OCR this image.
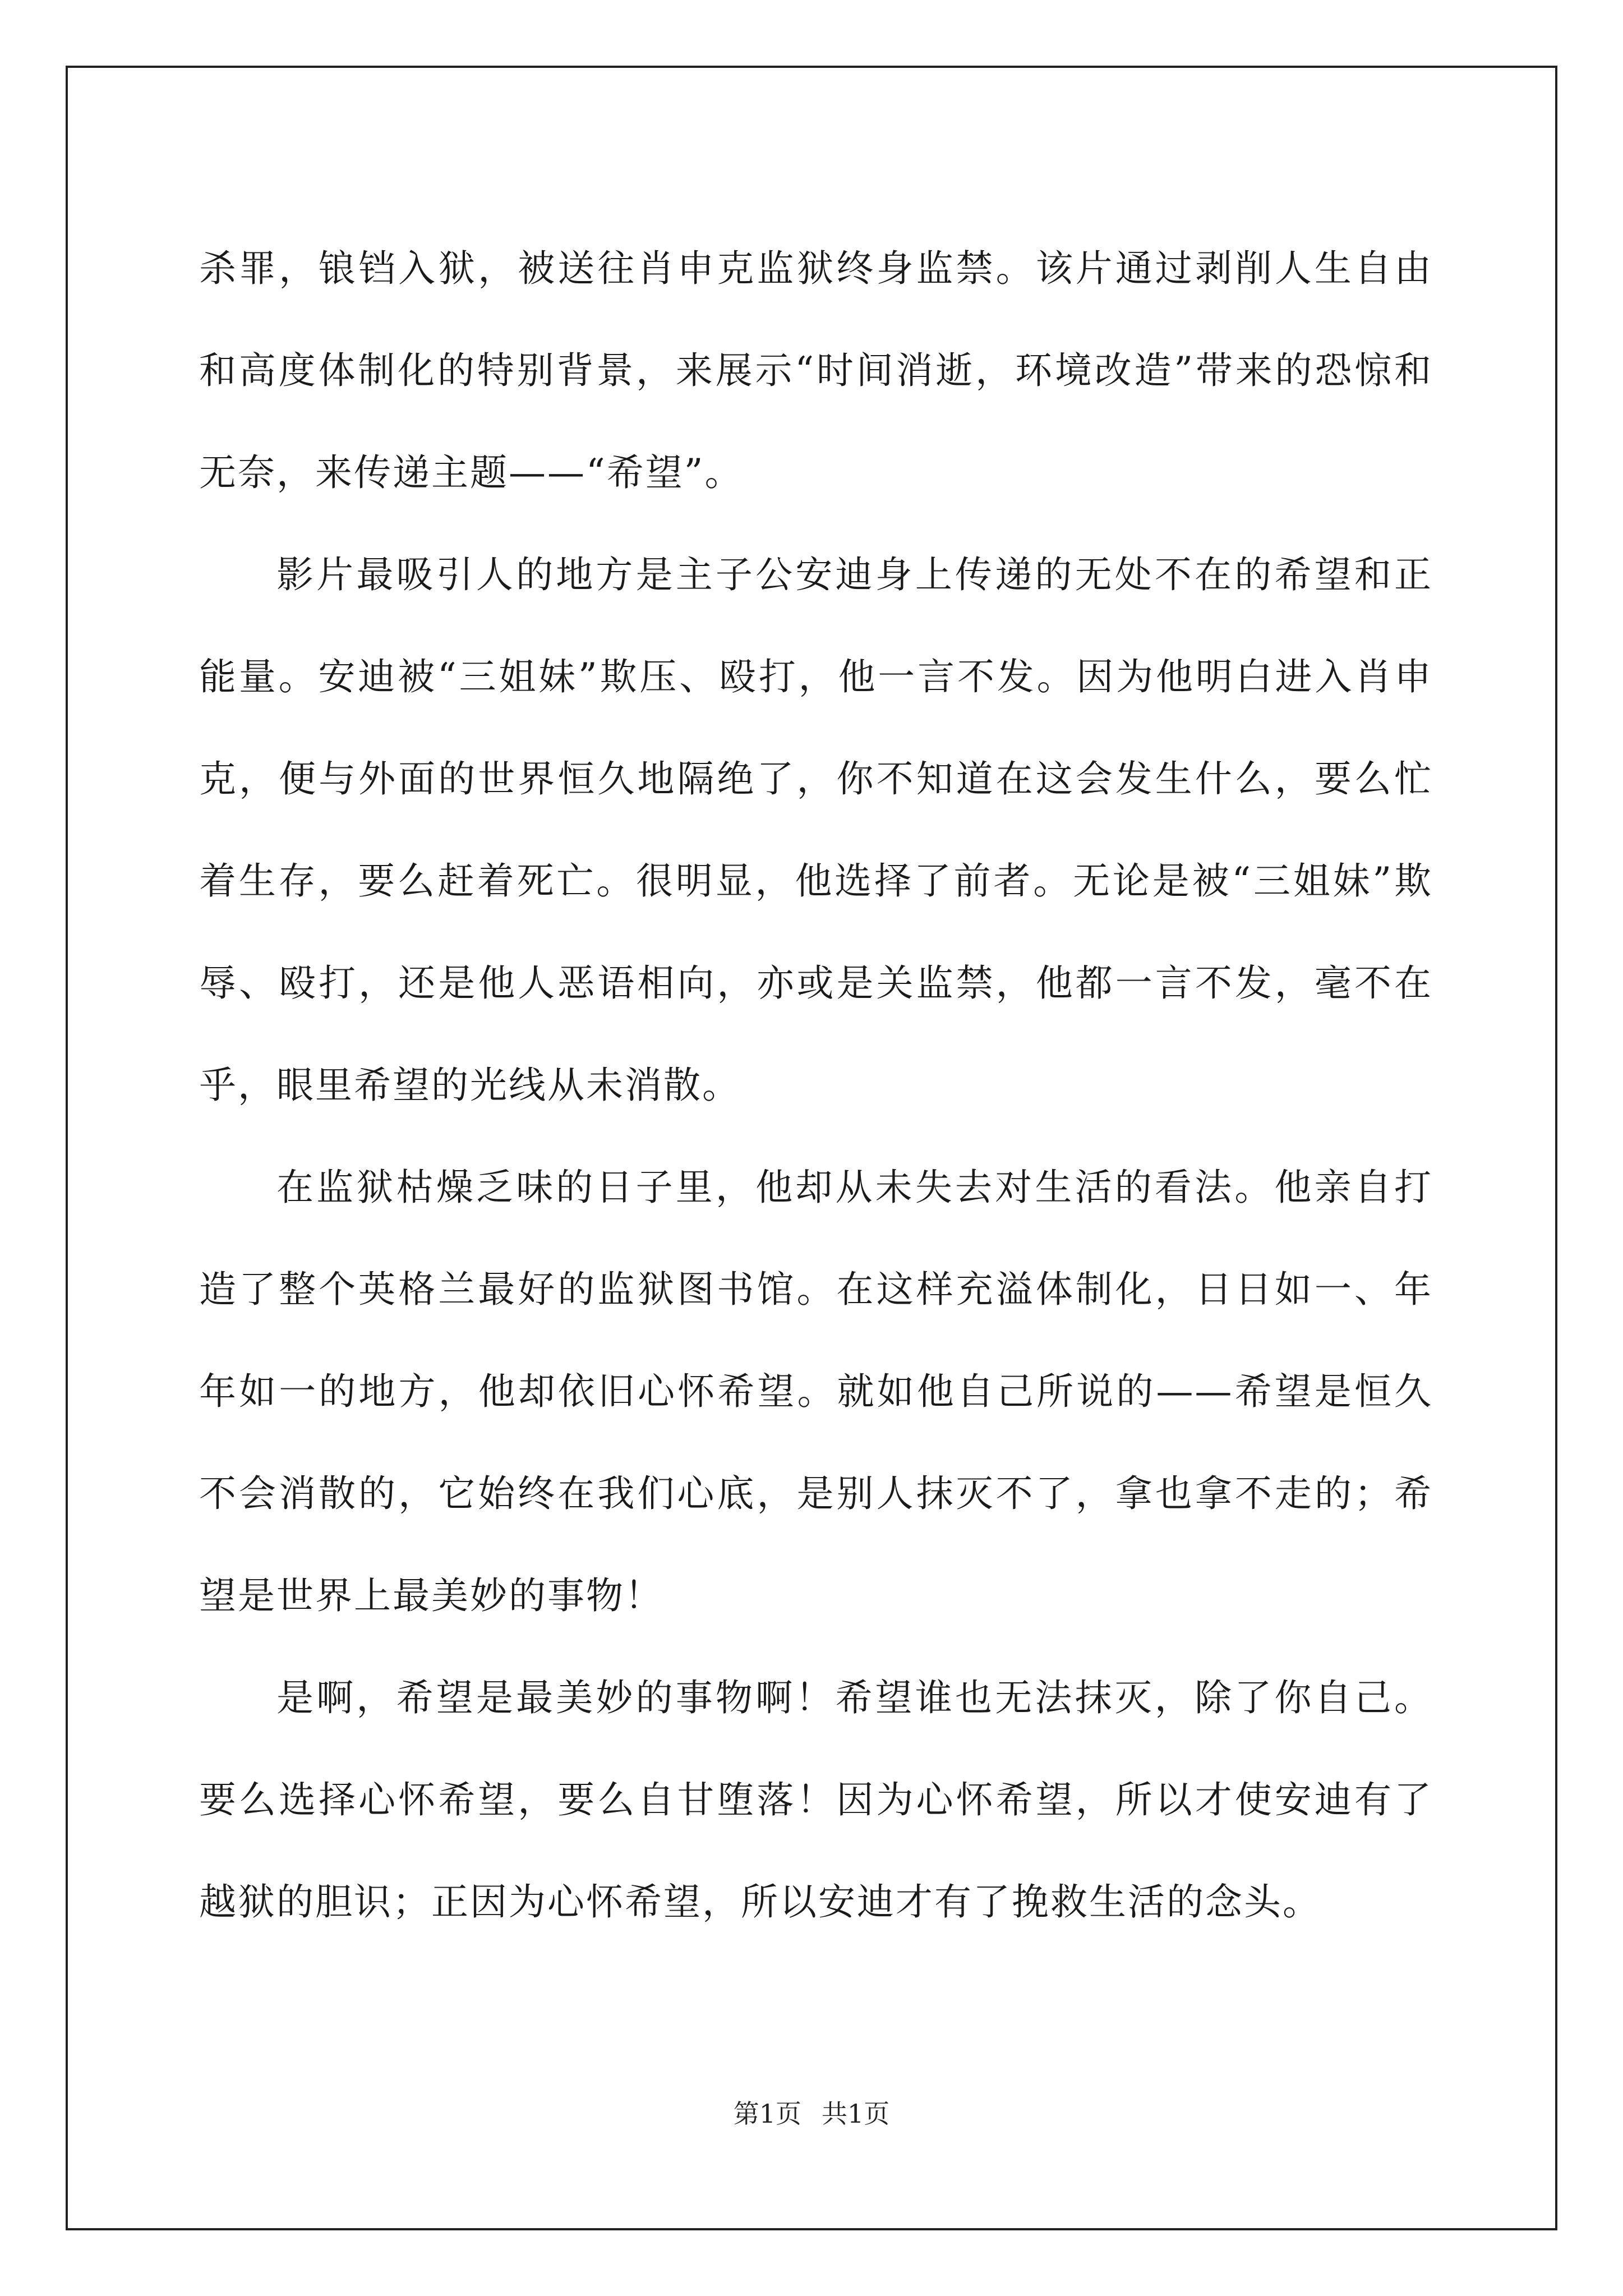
杀罪，锒铛入狱，被送往肖申克监狱终身监禁。该片通过剥削人生自由和高度体制化的特别背景，来展示“时间消逝，环境改造”带来的恐惊和无奈，来传递主题——“希望”。

影片最吸引人的地方是主子公安迪身上传递的无处不在的希望和正能量。安迪被“三姐妹”欺压、殴打，他一言不发。因为他明白进入肖申克，便与外面的世界恒久地隔绝了，你不知道在这会发生什么，要么忙着生存，要么赶着死亡。很明显，他选择了前者。无论是被“三姐妹”欺辱、殴打，还是他人恶语相向，亦或是关监禁，他都一言不发，毫不在乎，眼里希望的光线从未消散。

在监狱枯燥乏味的日子里，他却从未失去对生活的看法。他亲自打造了整个英格兰最好的监狱图书馆。在这样充溢体制化，日日如一、年年如一的地方，他却依旧心怀希望。就如他自己所说的——希望是恒久不会消散的，它始终在我们心底，是别人抹灭不了，拿也拿不走的；希望是世界上最美妙的事物！

是啊，希望是最美妙的事物啊！希望谁也无法抹灭，除了你自己。要么选择心怀希望，要么自甘堕落！因为心怀希望，所以才使安迪有了越狱的胆识；正因为心怀希望，所以安迪才有了挽救生活的念头。

第1页 共1页
